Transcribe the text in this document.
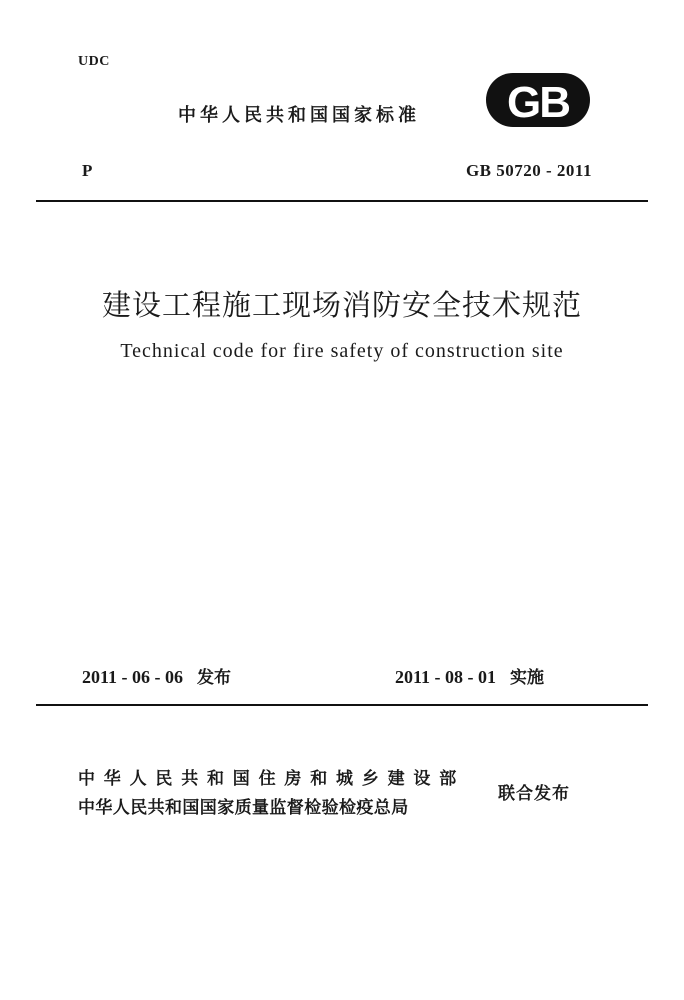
UDC
中华人民共和国国家标准 GB
P	GB 50720 - 2011
建设工程施工现场消防安全技术规范
Technical code for fire safety of construction site
2011 - 06 - 06 发布	2011 - 08 - 01 实施
中华人民共和国住房和城乡建设部
中华人民共和国国家质量监督检验检疫总局
联合发布
